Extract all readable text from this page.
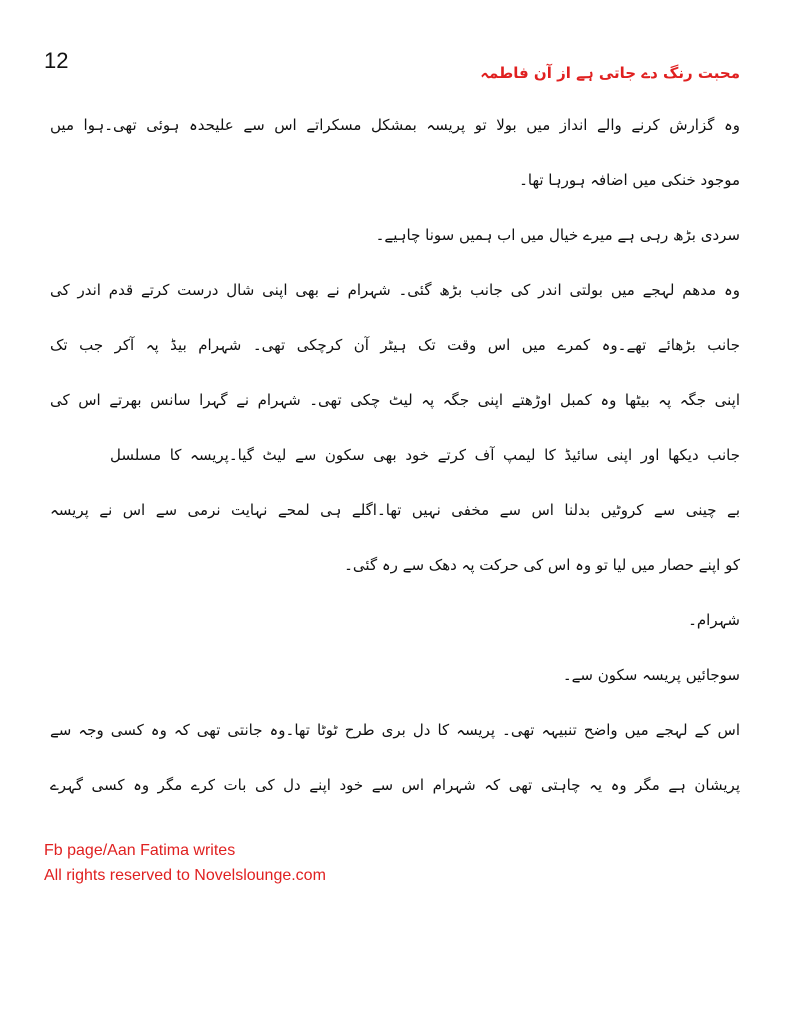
12	محبت رنگ دے جاتی ہے از آن فاطمہ
وہ گزارش کرنے والے انداز میں بولا تو پریسہ بمشکل مسکراتے اس سے علیحدہ ہوئی تھی۔ہوا میں
موجود خنکی میں اضافہ ہورہا تھا۔
سردی بڑھ رہی ہے میرے خیال میں اب ہمیں سونا چاہیے۔
وہ مدھم لہجے میں بولتی اندر کی جانب بڑھ گئی۔ شہرام نے بھی اپنی شال درست کرتے قدم اندر کی
جانب بڑھائے تھے۔وہ کمرے میں اس وقت تک ہیٹر آن کرچکی تھی۔ شہرام بیڈ پہ آکر جب تک
اپنی جگہ پہ بیٹھا وہ کمبل اوڑھتے اپنی جگہ پہ لیٹ چکی تھی۔ شہرام نے گہرا سانس بھرتے اس کی
جانب دیکھا اور اپنی سائیڈ کا لیمپ آف کرتے خود بھی سکون سے لیٹ گیا۔پریسہ کا مسلسل
بے چینی سے کروٹیں بدلنا اس سے مخفی نہیں تھا۔اگلے ہی لمحے نہایت نرمی سے اس نے پریسہ
کو اپنے حصار میں لیا تو وہ اس کی حرکت پہ دھک سے رہ گئی۔
شہرام۔
سوجائیں پریسہ سکون سے۔
اس کے لہجے میں واضح تنبیہہ تھی۔ پریسہ کا دل بری طرح ٹوٹا تھا۔وہ جانتی تھی کہ وہ کسی وجہ سے
پریشان ہے مگر وہ یہ چاہتی تھی کہ شہرام اس سے خود اپنے دل کی بات کرے مگر وہ کسی گہرے
Fb page/Aan Fatima writes
All rights reserved to Novelslounge.com
